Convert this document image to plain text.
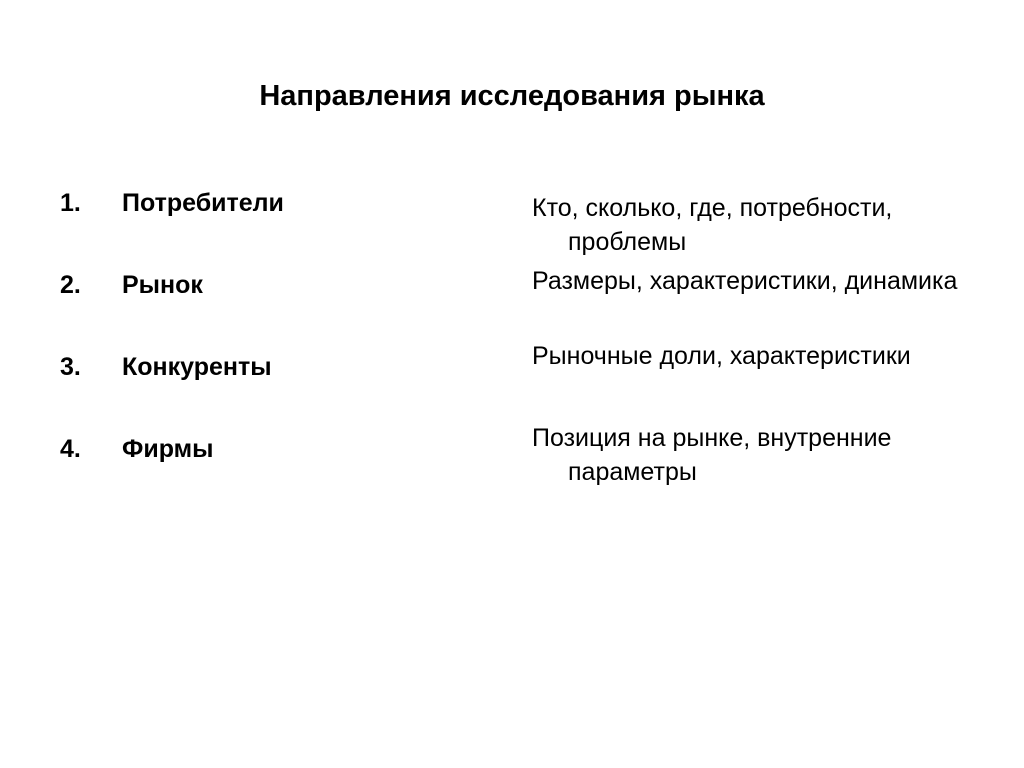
Направления исследования рынка
1. Потребители
2. Рынок
3. Конкуренты
4. Фирмы
Кто, сколько, где, потребности, проблемы
Размеры, характеристики, динамика
Рыночные доли, характеристики
Позиция на рынке, внутренние параметры
